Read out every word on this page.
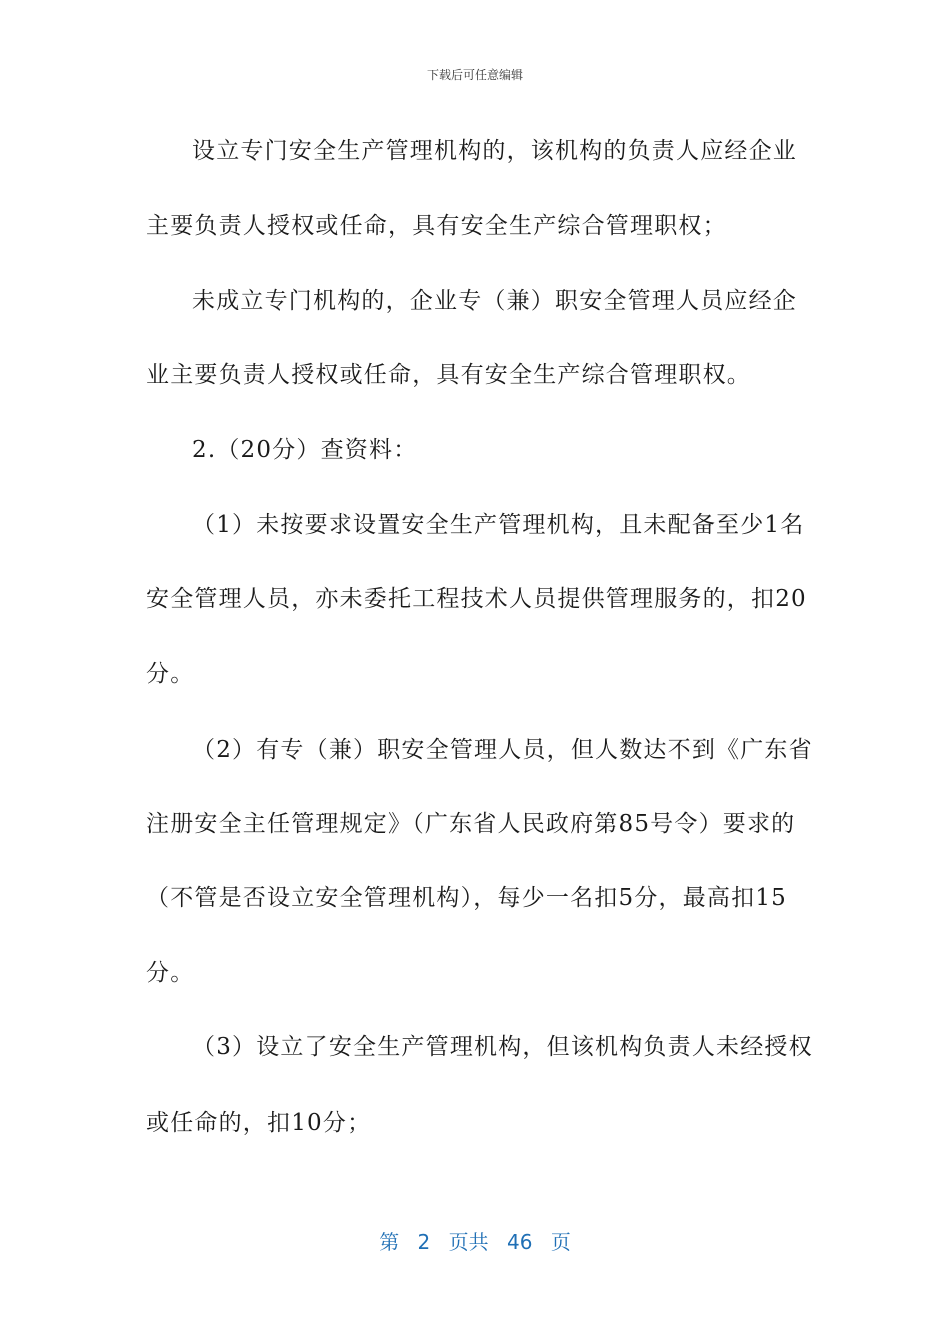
下载后可任意编辑
设立专门安全生产管理机构的，该机构的负责人应经企业
主要负责人授权或任命，具有安全生产综合管理职权；
未成立专门机构的，企业专（兼）职安全管理人员应经企
业主要负责人授权或任命，具有安全生产综合管理职权。
2.（20分）查资料：
（1）未按要求设置安全生产管理机构，且未配备至少1名
安全管理人员，亦未委托工程技术人员提供管理服务的，扣20
分。
（2）有专（兼）职安全管理人员，但人数达不到《广东省
注册安全主任管理规定》（广东省人民政府第85号令）要求的
（不管是否设立安全管理机构），每少一名扣5分，最高扣15
分。
（3）设立了安全生产管理机构，但该机构负责人未经授权
或任命的，扣10分；
第 2 页共 46 页
